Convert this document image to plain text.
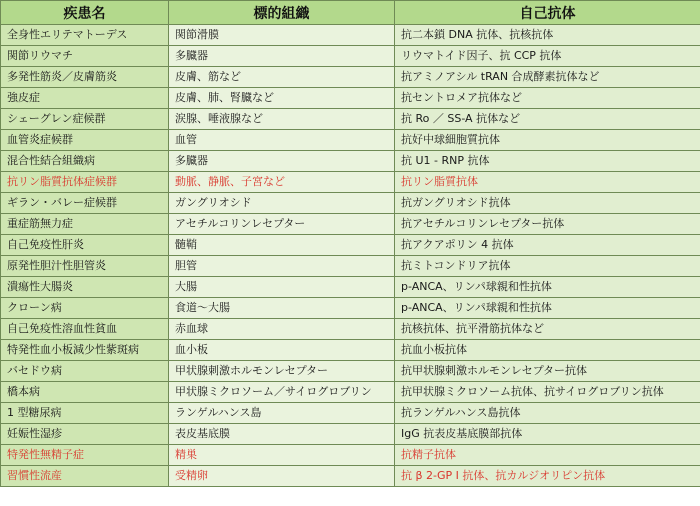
疾患名	標的組織	自己抗体
全身性エリテマトーデス	関節滑膜	抗二本鎖 DNA 抗体、抗核抗体
関節リウマチ	多臓器	リウマトイド因子、抗 CCP 抗体
多発性筋炎／皮膚筋炎	皮膚、筋など	抗アミノアシル tRAN 合成酵素抗体など
強皮症	皮膚、肺、腎臓など	抗セントロメア抗体など
シェーグレン症候群	涙腺、唾液腺など	抗 Ro ／ SS-A 抗体など
血管炎症候群	血管	抗好中球細胞質抗体
混合性結合組織病	多臓器	抗 U1 ‐ RNP 抗体
抗リン脂質抗体症候群	動脈、静脈、子宮など	抗リン脂質抗体
ギラン・バレー症候群	ガングリオシド	抗ガングリオシド抗体
重症筋無力症	アセチルコリンレセプター	抗アセチルコリンレセプター抗体
自己免疫性肝炎	髄鞘	抗アクアポリン 4 抗体
原発性胆汁性胆管炎	胆管	抗ミトコンドリア抗体
潰瘍性大腸炎	大腸	p-ANCA、リンパ球親和性抗体
クローン病	食道〜大腸	p-ANCA、リンパ球親和性抗体
自己免疫性溶血性貧血	赤血球	抗核抗体、抗平滑筋抗体など
特発性血小板減少性紫斑病	血小板	抗血小板抗体
バセドウ病	甲状腺刺激ホルモンレセプター	抗甲状腺刺激ホルモンレセプター抗体
橋本病	甲状腺ミクロソーム／サイログロブリン	抗甲状腺ミクロソーム抗体、抗サイログロブリン抗体
1 型糖尿病	ランゲルハンス島	抗ランゲルハンス島抗体
妊娠性湿疹	表皮基底膜	IgG 抗表皮基底膜部抗体
特発性無精子症	精巣	抗精子抗体
習慣性流産	受精卵	抗 β 2-GP I 抗体、抗カルジオリピン抗体
